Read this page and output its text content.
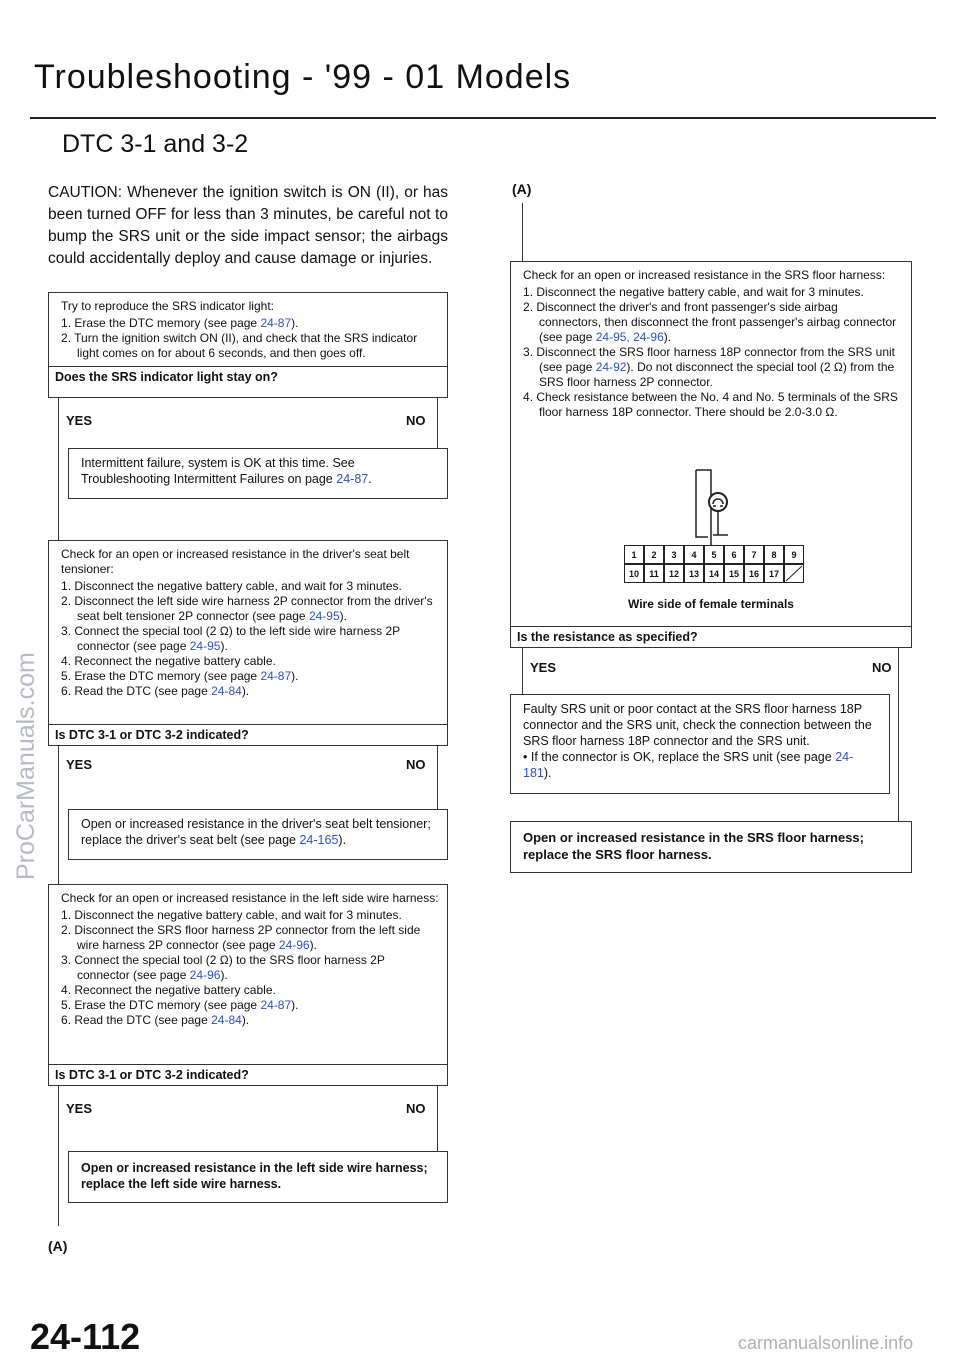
Troubleshooting - '99 - 01 Models
DTC 3-1 and 3-2
CAUTION: Whenever the ignition switch is ON (II), or has been turned OFF for less than 3 minutes, be careful not to bump the SRS unit or the side impact sensor; the airbags could accidentally deploy and cause damage or injuries.
ProCarManuals.com
Try to reproduce the SRS indicator light:
Erase the DTC memory (see page 24-87).
Turn the ignition switch ON (II), and check that the SRS indicator light comes on for about 6 seconds, and then goes off.
Does the SRS indicator light stay on?
YES	NO
Intermittent failure, system is OK at this time. See Troubleshooting Intermittent Failures on page 24-87.
Check for an open or increased resistance in the driver's seat belt tensioner:
Disconnect the negative battery cable, and wait for 3 minutes.
Disconnect the left side wire harness 2P connector from the driver's seat belt tensioner 2P connector (see page 24-95).
Connect the special tool (2 Ω) to the left side wire harness 2P connector (see page 24-95).
Reconnect the negative battery cable.
Erase the DTC memory (see page 24-87).
Read the DTC (see page 24-84).
Is DTC 3-1 or DTC 3-2 indicated?
YES	NO
Open or increased resistance in the driver's seat belt tensioner; replace the driver's seat belt (see page 24-165).
Check for an open or increased resistance in the left side wire harness:
Disconnect the negative battery cable, and wait for 3 minutes.
Disconnect the SRS floor harness 2P connector from the left side wire harness 2P connector (see page 24-96).
Connect the special tool (2 Ω) to the SRS floor harness 2P connector (see page 24-96).
Reconnect the negative battery cable.
Erase the DTC memory (see page 24-87).
Read the DTC (see page 24-84).
Is DTC 3-1 or DTC 3-2 indicated?
YES	NO
Open or increased resistance in the left side wire harness; replace the left side wire harness.
(A)
(A)
Check for an open or increased resistance in the SRS floor harness:
Disconnect the negative battery cable, and wait for 3 minutes.
Disconnect the driver's and front passenger's side airbag connectors, then disconnect the front passenger's airbag connector (see page 24-95, 24-96).
Disconnect the SRS floor harness 18P connector from the SRS unit (see page 24-92). Do not disconnect the special tool (2 Ω) from the SRS floor harness 2P connector.
Check resistance between the No. 4 and No. 5 terminals of the SRS floor harness 18P connector. There should be 2.0-3.0 Ω.
Is the resistance as specified?
1	2	3	4	5	6	7	8	9
10	11	12	13	14	15	16	17
Wire side of female terminals
YES	NO
Faulty SRS unit or poor contact at the SRS floor harness 18P connector and the SRS unit, check the connection between the SRS floor harness 18P connector and the SRS unit.
• If the connector is OK, replace the SRS unit (see page 24-181).
Open or increased resistance in the SRS floor harness; replace the SRS floor harness.
24-112	carmanualsonline.info
